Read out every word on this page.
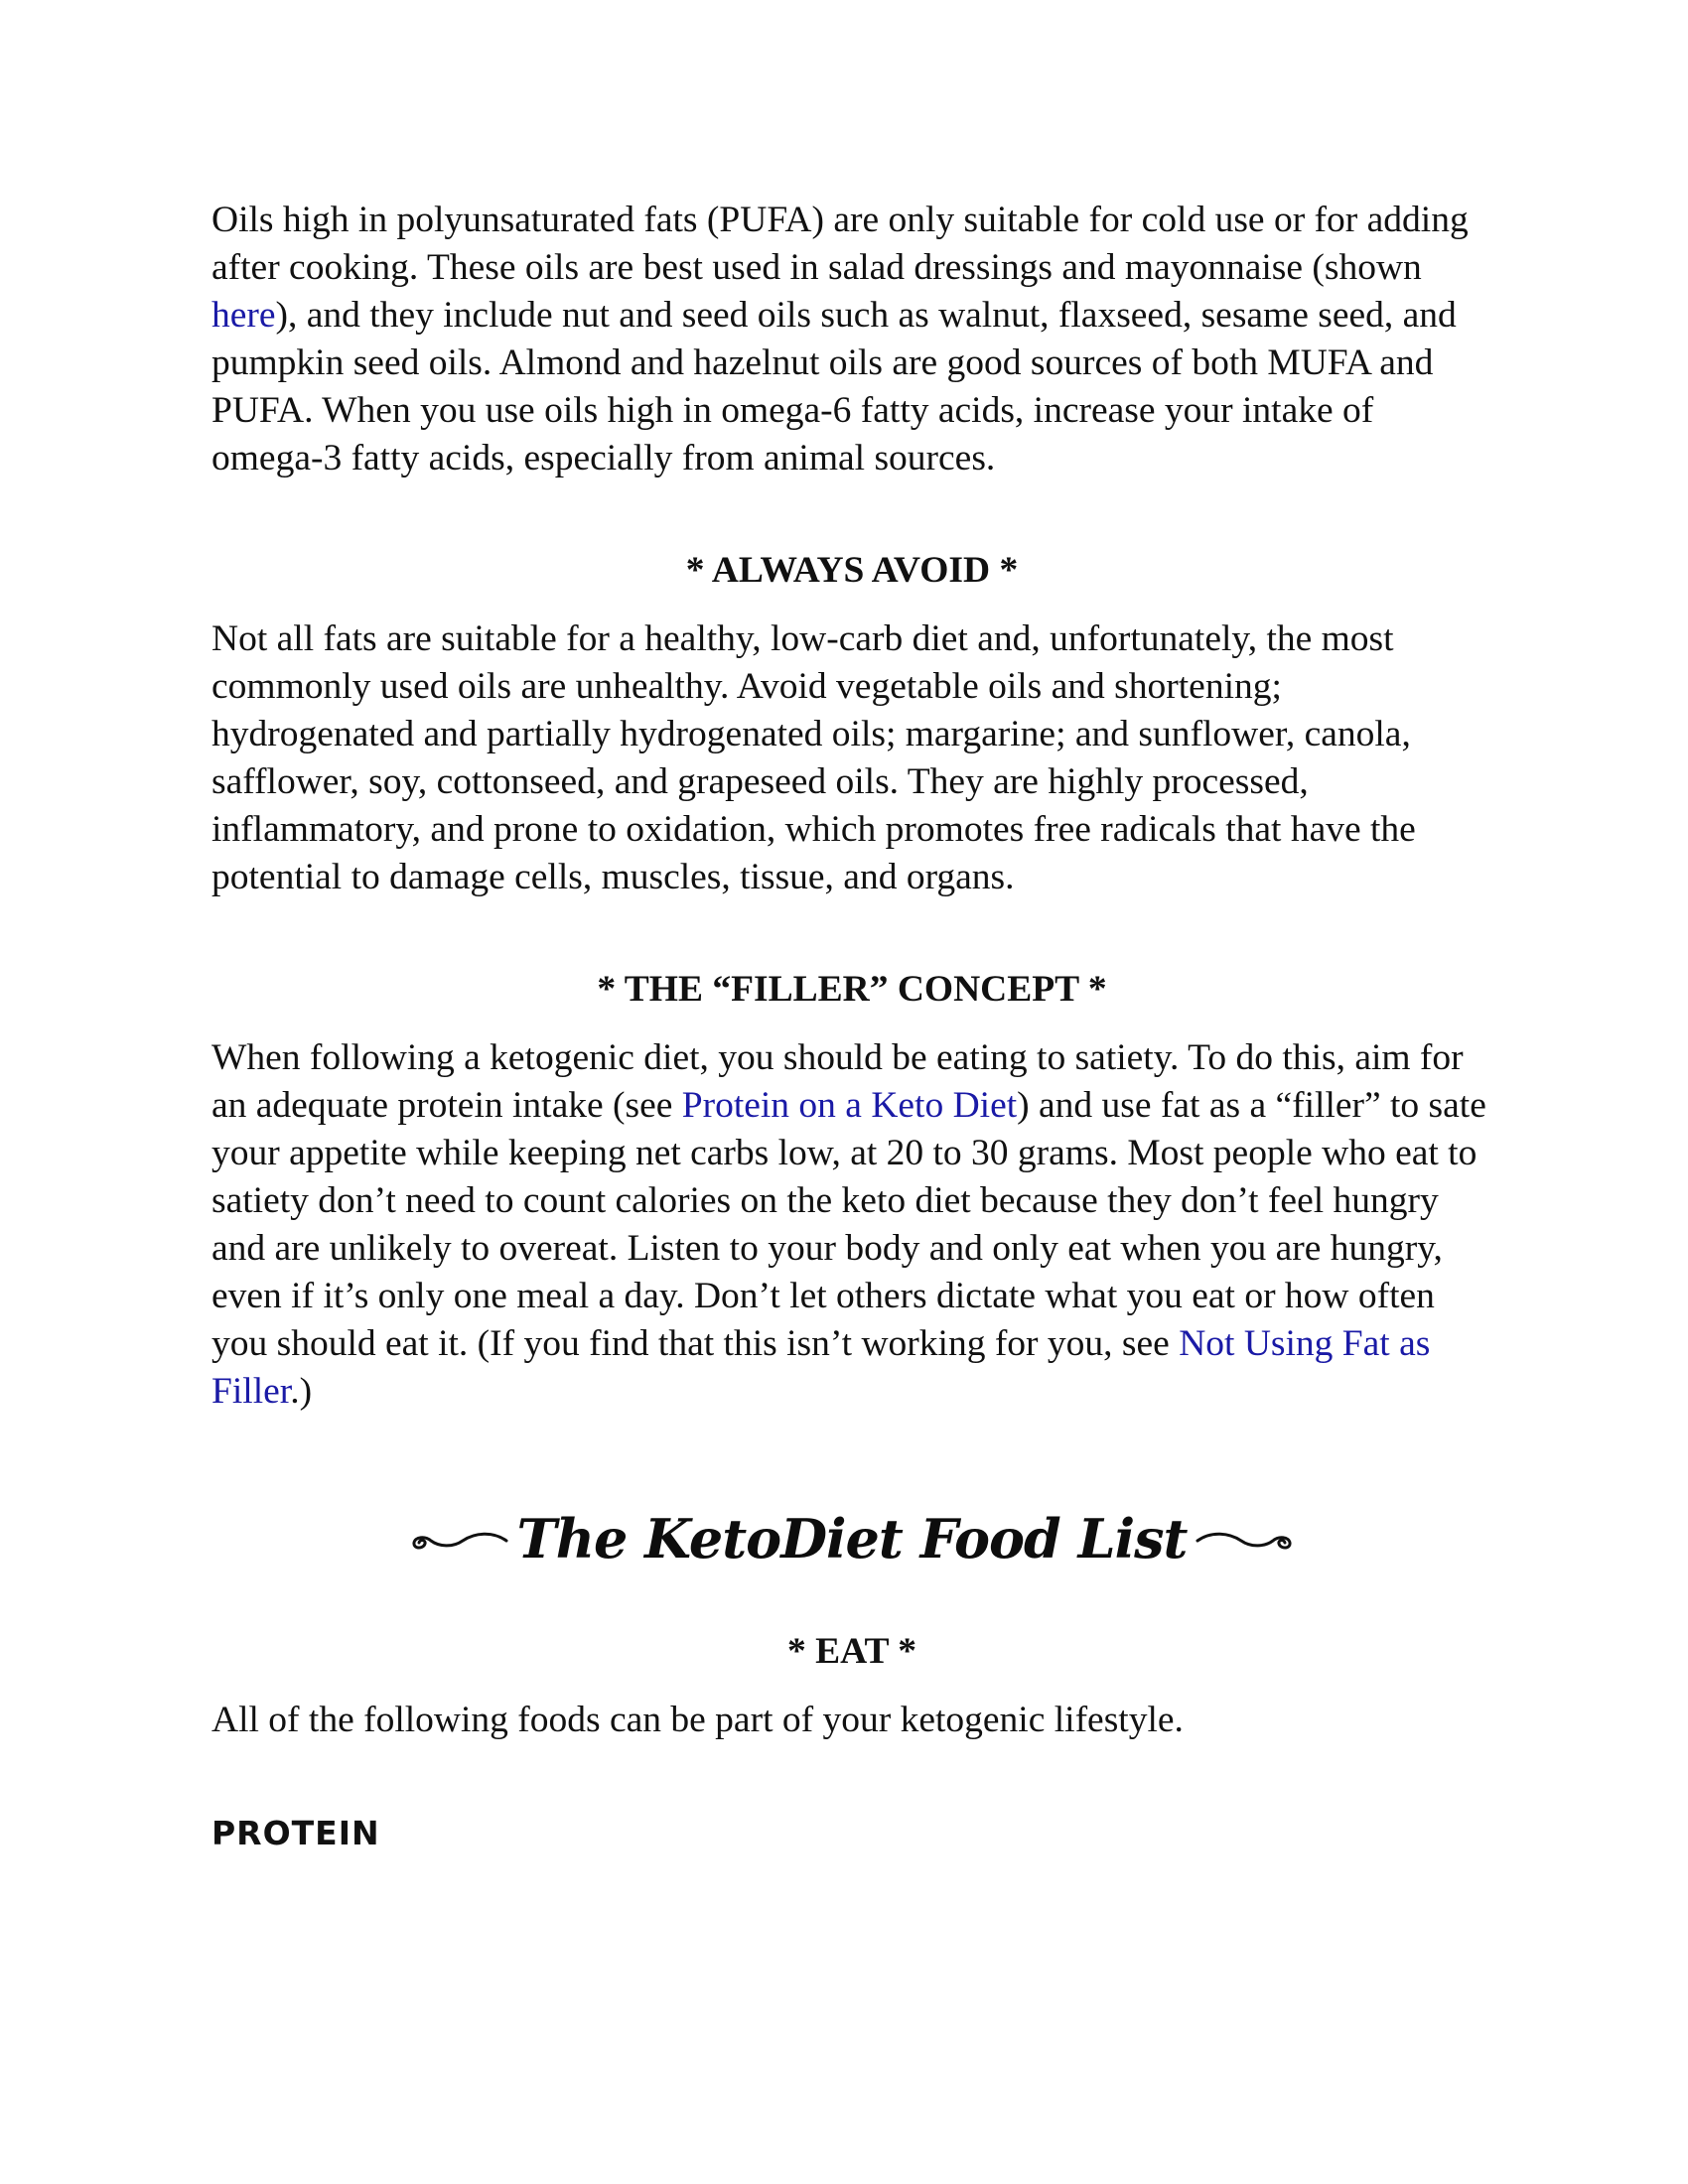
Oils high in polyunsaturated fats (PUFA) are only suitable for cold use or for adding after cooking. These oils are best used in salad dressings and mayonnaise (shown here), and they include nut and seed oils such as walnut, flaxseed, sesame seed, and pumpkin seed oils. Almond and hazelnut oils are good sources of both MUFA and PUFA. When you use oils high in omega-6 fatty acids, increase your intake of omega-3 fatty acids, especially from animal sources.

* ALWAYS AVOID *

Not all fats are suitable for a healthy, low-carb diet and, unfortunately, the most commonly used oils are unhealthy. Avoid vegetable oils and shortening; hydrogenated and partially hydrogenated oils; margarine; and sunflower, canola, safflower, soy, cottonseed, and grapeseed oils. They are highly processed, inflammatory, and prone to oxidation, which promotes free radicals that have the potential to damage cells, muscles, tissue, and organs.

* THE “FILLER” CONCEPT *

When following a ketogenic diet, you should be eating to satiety. To do this, aim for an adequate protein intake (see Protein on a Keto Diet) and use fat as a “filler” to sate your appetite while keeping net carbs low, at 20 to 30 grams. Most people who eat to satiety don’t need to count calories on the keto diet because they don’t feel hungry and are unlikely to overeat. Listen to your body and only eat when you are hungry, even if it’s only one meal a day. Don’t let others dictate what you eat or how often you should eat it. (If you find that this isn’t working for you, see Not Using Fat as Filler.)

The KetoDiet Food List
* EAT *

All of the following foods can be part of your ketogenic lifestyle.

PROTEIN
